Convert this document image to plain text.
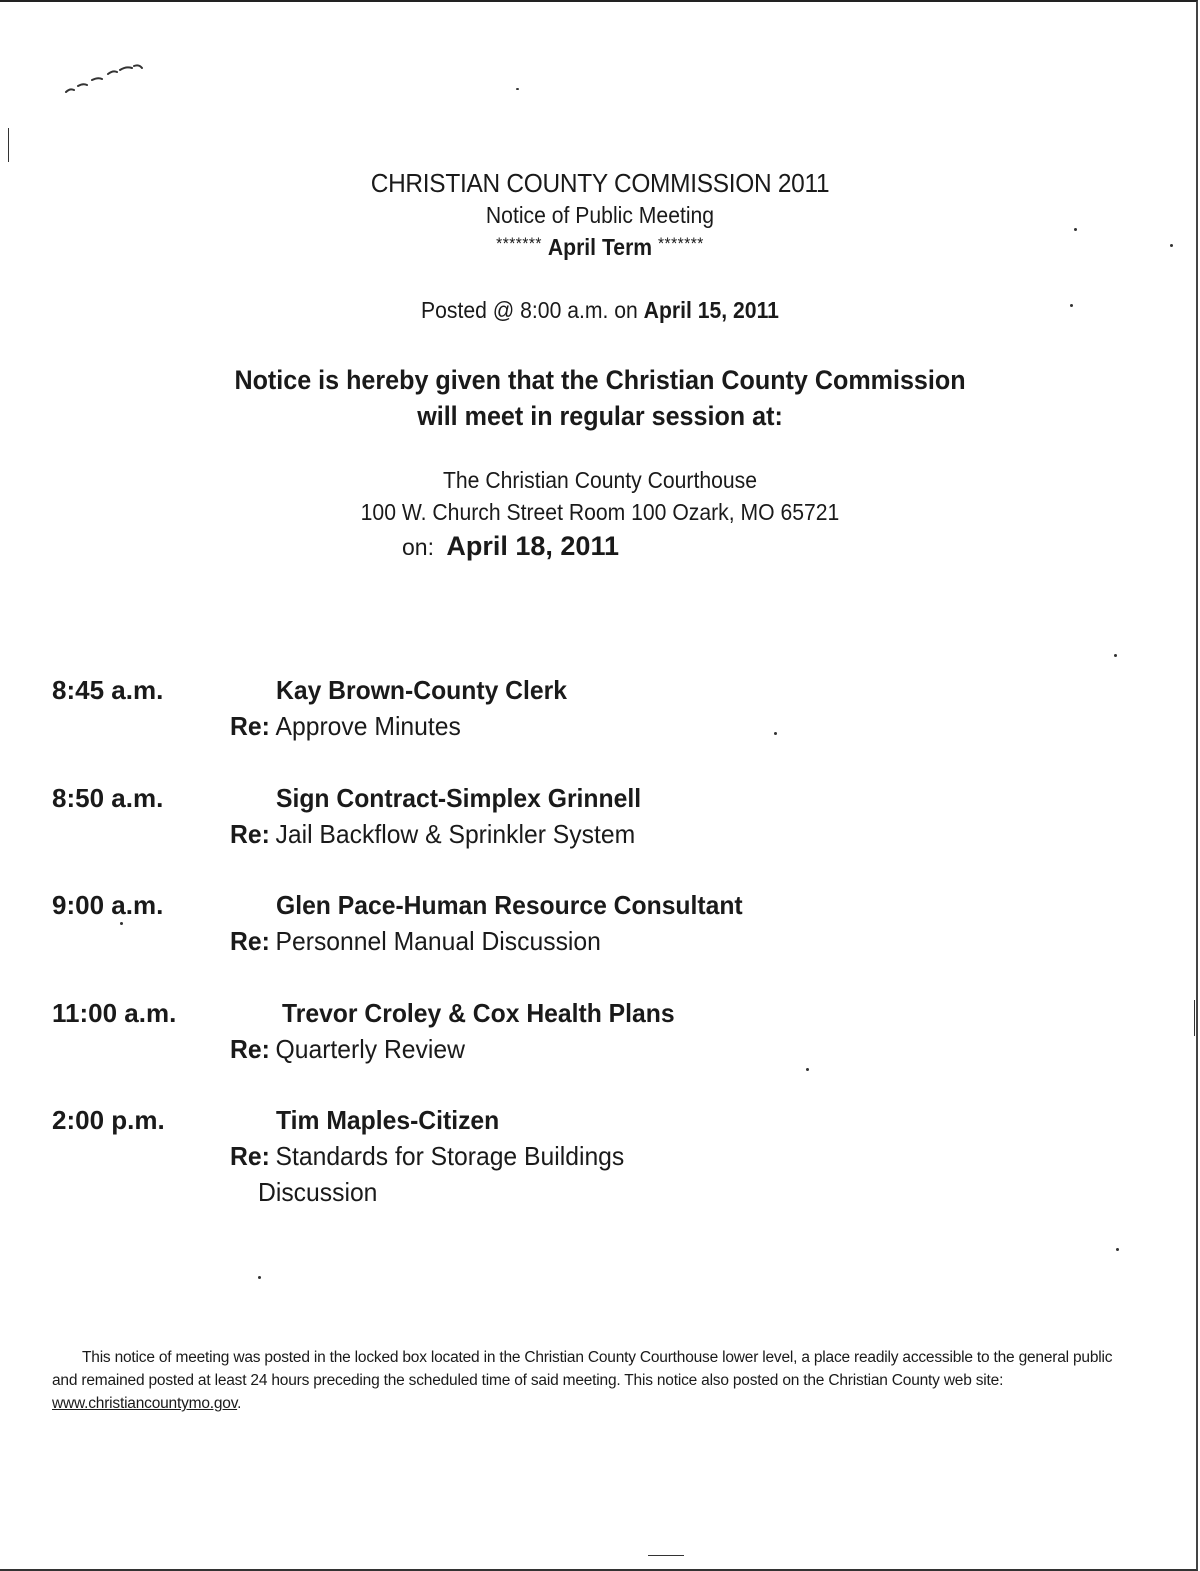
CHRISTIAN COUNTY COMMISSION 2011
Notice of Public Meeting
******* April Term *******
Posted @ 8:00 a.m. on April 15, 2011
Notice is hereby given that the Christian County Commission
will meet in regular session at:
The Christian County Courthouse
100 W. Church Street Room 100 Ozark, MO 65721
on: April 18, 2011
8:45 a.m.	Kay Brown-County Clerk
Re: Approve Minutes
8:50 a.m.	Sign Contract-Simplex Grinnell
Re: Jail Backflow & Sprinkler System
9:00 a.m.	Glen Pace-Human Resource Consultant
Re: Personnel Manual Discussion
11:00 a.m.	Trevor Croley & Cox Health Plans
Re: Quarterly Review
2:00 p.m.	Tim Maples-Citizen
Re: Standards for Storage Buildings
Discussion
This notice of meeting was posted in the locked box located in the Christian County Courthouse lower level, a place readily accessible to the general public and remained posted at least 24 hours preceding the scheduled time of said meeting. This notice also posted on the Christian County web site: www.christiancountymo.gov.
